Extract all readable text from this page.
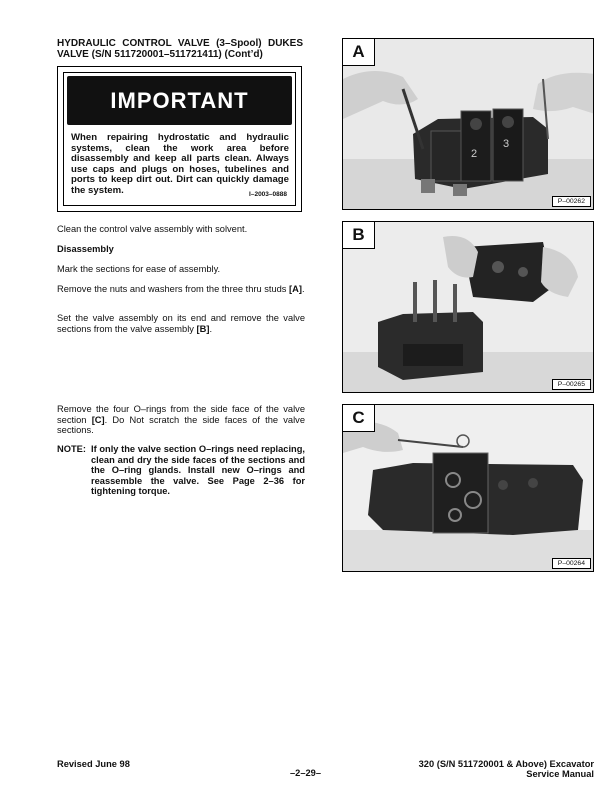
HYDRAULIC CONTROL VALVE (3–Spool) DUKES
VALVE (S/N 511720001–511721411) (Cont’d)
IMPORTANT
When repairing hydrostatic and hydraulic systems, clean the work area before disassembly and keep all parts clean. Always use caps and plugs on hoses, tubelines and ports to keep dirt out. Dirt can quickly damage the system.	I–2003–0888
Clean the control valve assembly with solvent.
Disassembly
Mark the sections for ease of assembly.
Remove the nuts and washers from the three thru studs [A].
Set the valve assembly on its end and remove the valve sections from the valve assembly [B].
Remove the four O–rings from the side face of the valve section [C]. Do Not scratch the side faces of the valve sections.
NOTE: If only the valve section O–rings need replacing, clean and dry the side faces of the sections and the O–ring glands. Install new O–rings and reassemble the valve. See Page 2–36 for tightening torque.
A
2
3
P–00262
B
P–00265
C
P–00264
Revised June 98
–2–29–
320 (S/N 511720001 & Above) Excavator
Service Manual
